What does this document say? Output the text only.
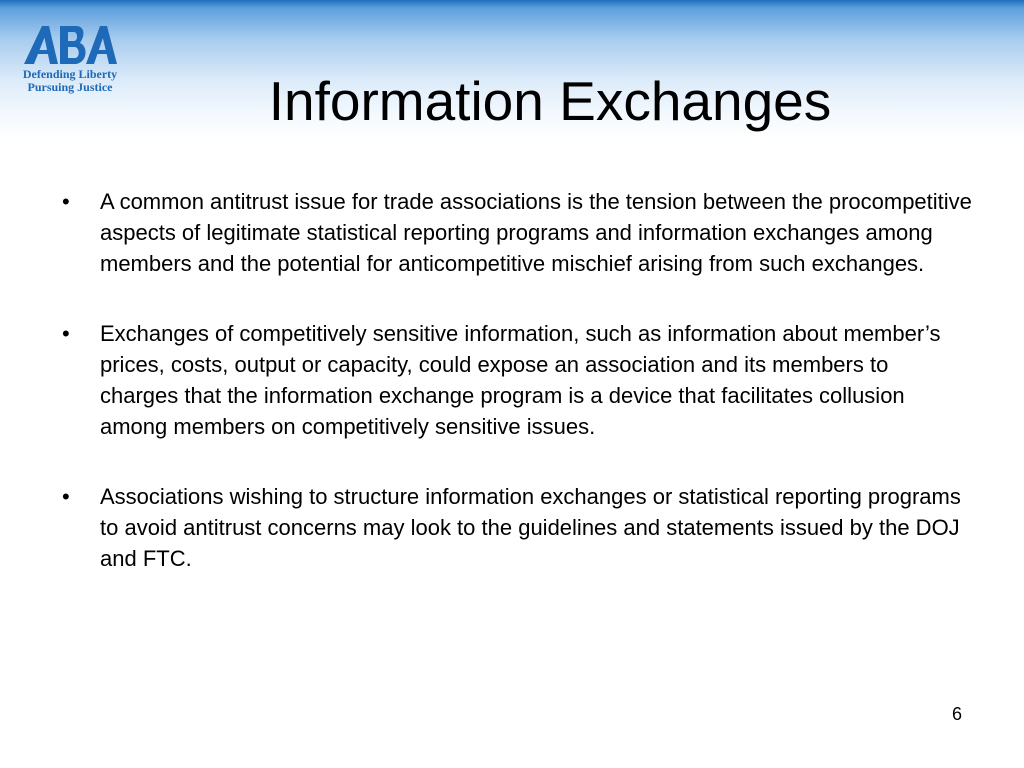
Defending Liberty
Pursuing Justice	Information Exchanges
• A common antitrust issue for trade associations is the tension between the procompetitive aspects of legitimate statistical reporting programs and information exchanges among members and the potential for anticompetitive mischief arising from such exchanges.
• Exchanges of competitively sensitive information, such as information about member’s prices, costs, output or capacity, could expose an association and its members to charges that the information exchange program is a device that facilitates collusion among members on competitively sensitive issues.
• Associations wishing to structure information exchanges or statistical reporting programs to avoid antitrust concerns may look to the guidelines and statements issued by the DOJ and FTC.
6
